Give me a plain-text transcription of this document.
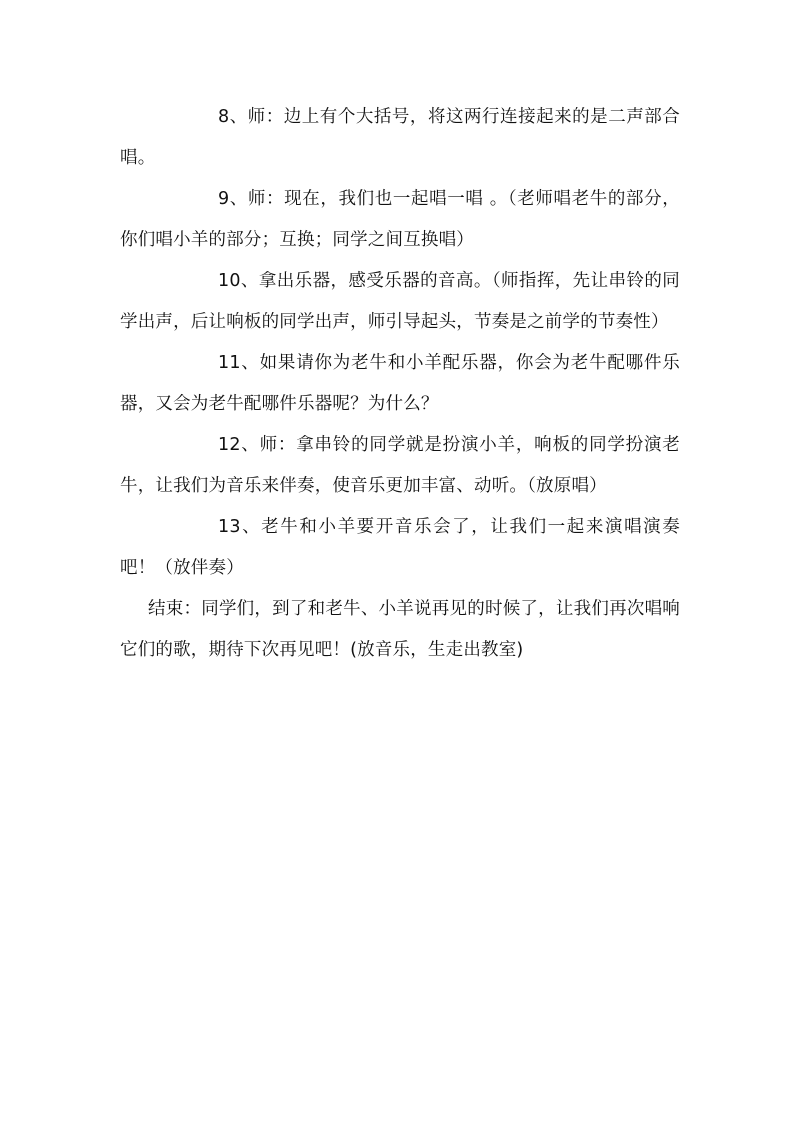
8、师：边上有个大括号，将这两行连接起来的是二声部合唱。

9、师：现在，我们也一起唱一唱 。（老师唱老牛的部分，你们唱小羊的部分；互换；同学之间互换唱）

10、拿出乐器，感受乐器的音高。（师指挥，先让串铃的同学出声，后让响板的同学出声，师引导起头，节奏是之前学的节奏性）

11、如果请你为老牛和小羊配乐器，你会为老牛配哪件乐器，又会为老牛配哪件乐器呢？为什么？

12、师：拿串铃的同学就是扮演小羊，响板的同学扮演老牛，让我们为音乐来伴奏，使音乐更加丰富、动听。（放原唱）

13、老牛和小羊要开音乐会了，让我们一起来演唱演奏吧！（放伴奏）

结束：同学们，到了和老牛、小羊说再见的时候了，让我们再次唱响它们的歌，期待下次再见吧！(放音乐，生走出教室)
